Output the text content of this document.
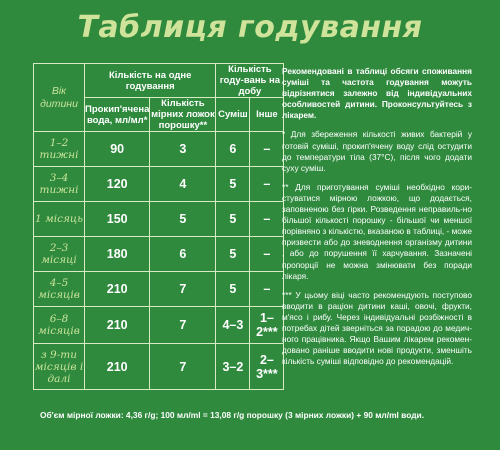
Таблиця годування
Вік дитини	Кількість на одне годування		Кількість году-вань на добу	
	Прокип'ячена вода, мл/мл*	Кількість мірних ложок порошку**	Суміш	Інше
1–2 тижні	90	3	6	–
3–4 тижні	120	4	5	–
1 місяць	150	5	5	–
2–3 місяці	180	6	5	–
4–5 місяців	210	7	5	–
6–8 місяців	210	7	4–3	1–2***
з 9-ти місяців і далі	210	7	3–2	2–3***

Рекомендовані в таблиці обсяги споживання суміші та частота годування можуть відрізнятися залежно від індивідуальних особливостей дитини. Проконсультуйтесь з лікарем.

* Для збереження кількості живих бактерій у готовій суміші, прокип'ячену воду слід остудити до температури тіла (37°С), після чого додати суху суміш.

** Для приготування суміші необхідно кори-стуватися мірною ложкою, що додається, заповненою без гірки. Розведення неправиль-но більшої кількості порошку - більшої чи меншої порівняно з кількістю, вказаною в таблиці, - може призвести або до зневоднення організму дитини , або до порушення її харчування. Зазначені пропорції не можна змінювати без поради лікаря.

*** У цьому віці часто рекомендують поступово вводити в раціон дитини каші, овочі, фрукти, м'ясо і рибу. Через індивідуальні розбіжності в потребах дітей зверніться за порадою до медич-ного працівника. Якщо Вашим лікарем рекомен-довано раніше вводити нові продукти, зменшіть кількість суміші відповідно до рекомендацій.

Об'єм мірної ложки: 4,36 г/g; 100 мл/ml = 13,08 г/g порошку (3 мірних ложки) + 90 мл/ml води.
